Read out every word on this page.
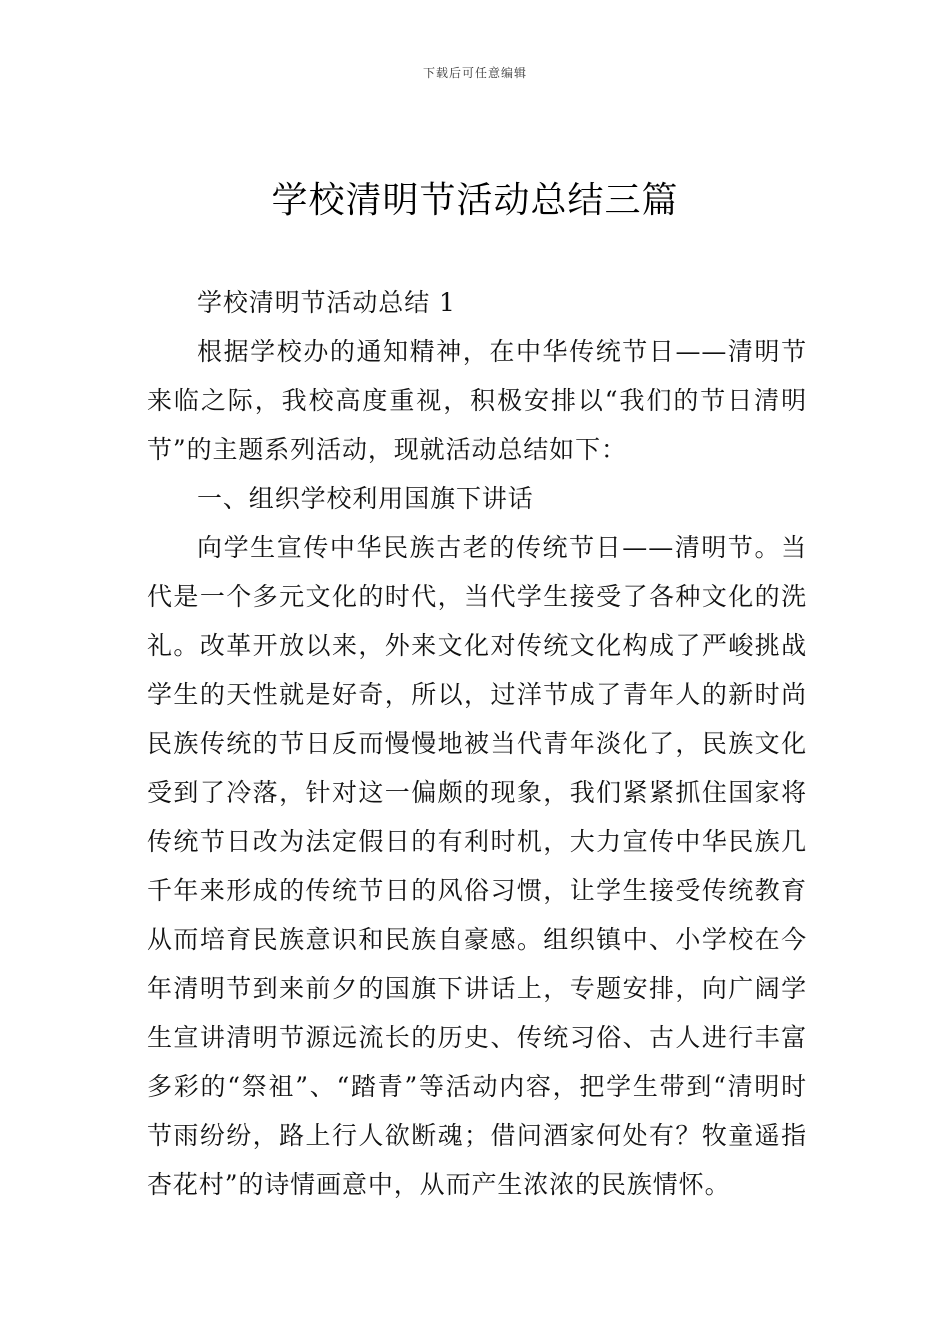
下载后可任意编辑
学校清明节活动总结三篇

学校清明节活动总结 1

根据学校办的通知精神，在中华传统节日——清明节来临之际，我校高度重视，积极安排以“我们的节日清明节”的主题系列活动，现就活动总结如下：

一、组织学校利用国旗下讲话

向学生宣传中华民族古老的传统节日——清明节。当代是一个多元文化的时代，当代学生接受了各种文化的洗礼。改革开放以来，外来文化对传统文化构成了严峻挑战学生的天性就是好奇，所以，过洋节成了青年人的新时尚民族传统的节日反而慢慢地被当代青年淡化了，民族文化受到了冷落，针对这一偏颇的现象，我们紧紧抓住国家将传统节日改为法定假日的有利时机，大力宣传中华民族几千年来形成的传统节日的风俗习惯，让学生接受传统教育从而培育民族意识和民族自豪感。组织镇中、小学校在今年清明节到来前夕的国旗下讲话上，专题安排，向广阔学生宣讲清明节源远流长的历史、传统习俗、古人进行丰富多彩的“祭祖”、“踏青”等活动内容，把学生带到“清明时节雨纷纷，路上行人欲断魂；借问酒家何处有？牧童遥指杏花村”的诗情画意中，从而产生浓浓的民族情怀。
